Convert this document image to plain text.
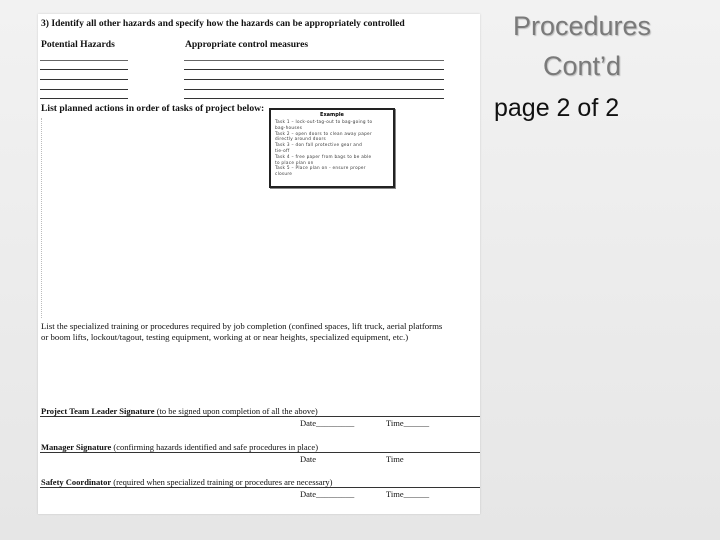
Procedures
Cont’d
page 2 of 2
3) Identify all other hazards and specify how the hazards can be appropriately controlled
Potential Hazards	Appropriate control measures
List planned actions in order of tasks of project below:
Example
Task 1 – lock-out-tag-out to bag-going to
bag-houses
Task 2 – open doors to clean away paper
directly around doors
Task 3 – don fall protective gear and
tie-off
Task 4 – free paper from bags to be able
to place plan on
Task 5 – Place plan on - ensure proper
closure
List the specialized training or procedures required by job completion (confined spaces, lift truck, aerial platforms
or boom lifts, lockout/tagout, testing equipment, working at or near heights, specialized equipment, etc.)
Project Team Leader Signature (to be signed upon completion of all the above)
Date_________	Time______
Manager Signature (confirming hazards identified and safe procedures in place)
Date	Time
Safety Coordinator (required when specialized training or procedures are necessary)
Date_________	Time______
